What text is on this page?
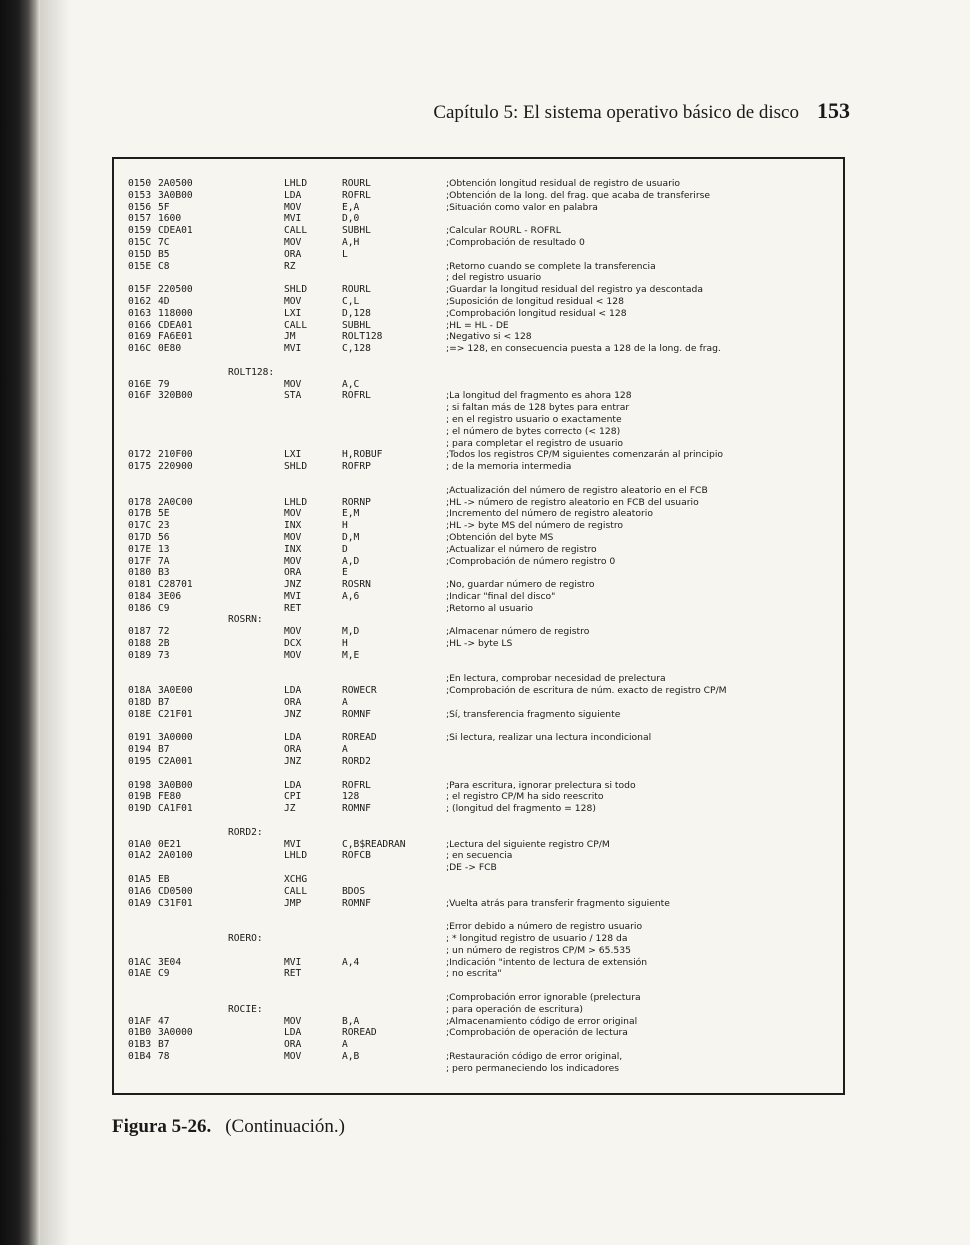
Capítulo 5: El sistema operativo básico de disco 153
0150 2A0500	LHLD	ROURL	;Obtención longitud residual de registro de usuario
0153 3A0B00	LDA	ROFRL	;Obtención de la long. del frag. que acaba de transferirse
0156 5F	MOV	E,A	;Situación como valor en palabra
0157 1600	MVI	D,0
0159 CDEA01	CALL	SUBHL	;Calcular ROURL - ROFRL
015C 7C	MOV	A,H	;Comprobación de resultado 0
015D B5	ORA	L
015E C8	RZ	;Retorno cuando se complete la transferencia
; del registro usuario
015F 220500	SHLD	ROURL	;Guardar la longitud residual del registro ya descontada
0162 4D	MOV	C,L	;Suposición de longitud residual < 128
0163 118000	LXI	D,128	;Comprobación longitud residual < 128
0166 CDEA01	CALL	SUBHL	;HL = HL - DE
0169 FA6E01	JM	ROLT128	;Negativo si < 128
016C 0E80	MVI	C,128	;=> 128, en consecuencia puesta a 128 de la long. de frag.
ROLT128:
016E 79	MOV	A,C
016F 320B00	STA	ROFRL	;La longitud del fragmento es ahora 128
; si faltan más de 128 bytes para entrar
; en el registro usuario o exactamente
; el número de bytes correcto (< 128)
; para completar el registro de usuario
0172 210F00	LXI	H,ROBUF	;Todos los registros CP/M siguientes comenzarán al principio
0175 220900	SHLD	ROFRP	; de la memoria intermedia
;Actualización del número de registro aleatorio en el FCB
0178 2A0C00	LHLD	RORNP	;HL -> número de registro aleatorio en FCB del usuario
017B 5E	MOV	E,M	;Incremento del número de registro aleatorio
017C 23	INX	H	;HL -> byte MS del número de registro
017D 56	MOV	D,M	;Obtención del byte MS
017E 13	INX	D	;Actualizar el número de registro
017F 7A	MOV	A,D	;Comprobación de número registro 0
0180 B3	ORA	E
0181 C28701	JNZ	ROSRN	;No, guardar número de registro
0184 3E06	MVI	A,6	;Indicar "final del disco"
0186 C9	RET	;Retorno al usuario
ROSRN:
0187 72	MOV	M,D	;Almacenar número de registro
0188 2B	DCX	H	;HL -> byte LS
0189 73	MOV	M,E
;En lectura, comprobar necesidad de prelectura
018A 3A0E00	LDA	ROWECR	;Comprobación de escritura de núm. exacto de registro CP/M
018D B7	ORA	A
018E C21F01	JNZ	ROMNF	;Sí, transferencia fragmento siguiente
0191 3A0000	LDA	ROREAD	;Si lectura, realizar una lectura incondicional
0194 B7	ORA	A
0195 C2A001	JNZ	RORD2
0198 3A0B00	LDA	ROFRL	;Para escritura, ignorar prelectura si todo
019B FE80	CPI	128	; el registro CP/M ha sido reescrito
019D CA1F01	JZ	ROMNF	; (longitud del fragmento = 128)
RORD2:
01A0 0E21	MVI	C,B$READRAN	;Lectura del siguiente registro CP/M
01A2 2A0100	LHLD	ROFCB	; en secuencia
;DE -> FCB
01A5 EB	XCHG
01A6 CD0500	CALL	BDOS
01A9 C31F01	JMP	ROMNF	;Vuelta atrás para transferir fragmento siguiente
;Error debido a número de registro usuario
ROERO:	; * longitud registro de usuario / 128 da
; un número de registros CP/M > 65.535
01AC 3E04	MVI	A,4	;Indicación "intento de lectura de extensión
01AE C9	RET	; no escrita"
;Comprobación error ignorable (prelectura
ROCIE:	; para operación de escritura)
01AF 47	MOV	B,A	;Almacenamiento código de error original
01B0 3A0000	LDA	ROREAD	;Comprobación de operación de lectura
01B3 B7	ORA	A
01B4 78	MOV	A,B	;Restauración código de error original,
; pero permaneciendo los indicadores
Figura 5-26. (Continuación.)
